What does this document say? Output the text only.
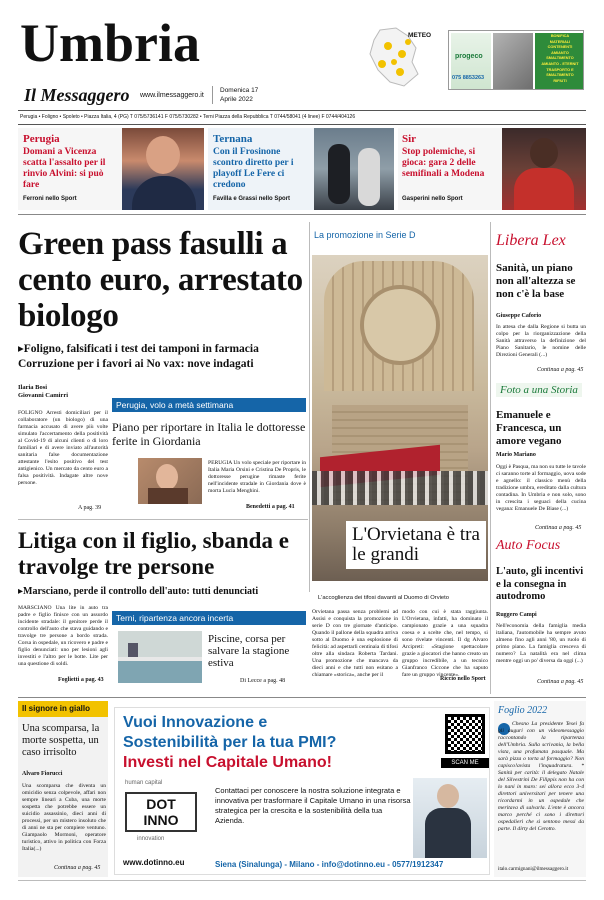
Umbria
Il Messaggero www.ilmessaggero.it
Domenica 17
Aprile 2022
METEO
progeco
075 8853263
BONIFICA
MATERIALI
CONTENENTI
AMIANTO
SMALTIMENTO
AMIANTO - ETERNIT
TRASPORTO E
SMALTIMENTO
RIFIUTI
Perugia • Foligno • Spoleto • Piazza Italia, 4 (PG) T 075/5736141 F 075/5730282 • Terni Piazza della Repubblica T 0744/58041 (4 linee) F 0744/404126
Perugia
Domani a Vicenza scatta l'assalto per il rinvio Alvini: si può fare
Ferroni nello Sport
Ternana
Con il Frosinone scontro diretto per i playoff Le Fere ci credono
Favilla e Grassi nello Sport
Sir
Stop polemiche, si gioca: gara 2 delle semifinali a Modena
Gasperini nello Sport
Green pass fasulli a cento euro, arrestato biologo
▸Foligno, falsificati i test dei tamponi in farmacia
Corruzione per i favori ai No vax: nove indagati
Ilaria Bosi
Giovanni Camirri
FOLIGNO Arresti domiciliari per il collaboratore (un biologo) di una farmacia accusato di avere più volte simulato l'accertamento della positività al Covid-19 di alcuni clienti o di loro familiari e di avere inviato all'autorità sanitaria false documentazione attestante l'esito positivo del test antigienico. Un mercato da cento euro a falsa positività. Indagate altre nove persone.
A pag. 39
Perugia, volo a metà settimana
Piano per riportare in Italia le dottoresse ferite in Giordania
PERUGIA Un volo speciale per riportare in Italia Maria Orsini e Cristina De Propris, le dottoresse perugine rimaste ferite nell'incidente stradale in Giordania dove è morta Lucia Menghini.
Benedetti a pag. 41
La promozione in Serie D
L'Orvietana è tra le grandi
L'accoglienza dei tifosi davanti al Duomo di Orvieto
Orvietana passa senza problemi ad Assisi e conquista la promozione in serie D con tre giornate d'anticipo. Quando il pallone della squadra arriva sotto al Duomo è una esplosione di felicità: ad aspettarli centinaia di tifosi oltre alla sindaca Roberta Tardani. Una promozione che mancava da dieci anni e che tutti non esitano a chiamare «storica», anche per il
modo con cui è stata raggiunta. L'Orvietana, infatti, ha dominato il campionato grazie a una squadra coesa e a scelte che, nel tempo, si sono rivelate vincenti. Il dg Alvaro Arcipreti: «Stagione spettacolare grazie a giocatori che hanno creato un gruppo incredibile, a un tecnico Gianfranco Ciccone che ha saputo fare un gruppo vincente».
Riccio nello Sport
Litiga con il figlio, sbanda e travolge tre persone
▸Marsciano, perde il controllo dell'auto: tutti denunciati
MARSCIANO Una lite in auto tra padre e figlio finisce con un assurdo incidente stradale: il genitore perde il controllo dell'auto che stava guidando e travolge tre persone a bordo strada. Corsa in ospedale, un ricovero e padre e figlio denunciati: uno per lesioni agli investiti e l'altro per le botte. Lite per una questione di soldi.
Foglietti a pag. 43
Terni, ripartenza ancora incerta
Piscine, corsa per salvare la stagione estiva
Di Lecce a pag. 48
Libera Lex
Sanità, un piano non all'altezza se non c'è la base
Giuseppe Caforio
In attesa che dalla Regione si butta un colpo per la riorganizzazione della Sanità attraverso la definizione del Piano Sanitario, le nomine delle Direzioni Generali (...)
Continua a pag. 45
Foto a una Storia
Emanuele e Francesca, un amore vegano
Mario Mariano
Oggi è Pasqua, ma non su tutte le tavole ci saranno torte al formaggio, uova sode e agnello: il classico menù della tradizione umbra, ereditato dalla cultura contadina. In Umbria e non solo, sono in crescita i seguaci della cucina vegana: Emanuele De Biase (...)
Continua a pag. 45
Auto Focus
L'auto, gli incentivi e la consegna in autodromo
Ruggero Campi
Nell'economia della famiglia media italiana, l'automobile ha sempre avuto almeno fino agli anni '80, un ruolo di primo piano. La famiglia cresceva di numero? La natalità era nel clima mentre oggi un po' diversa da oggi (...)
Continua a pag. 45
Il signore in giallo
Una scomparsa, la morte sospetta, un caso irrisolto
Alvaro Fiorucci
Una scomparsa che diventa un omicidio senza colpevole, affari non sempre lineari a Cuba, una morte sospetta che potrebbe essere un suicidio assassinio, dieci anni di processi, per un mistero insoluto che di anni ne sta per compiere ventuno. Giampaolo Mormoni, operatore turistico, attivo in politica con Forza Italia(...)
Continua a pag. 45
Vuoi Innovazione e
Sostenibilità per la tua PMI?
Investi nel Capitale Umano!	SCAN ME
human capital
DOT INNO
innovation
www.dotinno.eu
Contattaci per conoscere la nostra soluzione integrata e innovativa per trasformare il Capitale Umano in una risorsa strategica per la crescita e la sostenibilità della tua Azienda.
Siena (Sinalunga) - Milano - info@dotinno.eu - 0577/1912347
Foglio 2022
Chesno La presidente Tesei fa gli auguri con un videomessaggio raccontando la ripartenza dell'Umbria. Sulla scrivania, la bella vista, una profumata pasquale. Ma sarà pizza o torta al formaggio? Non capisco!avista l'inquadratura. * Sanità per carità: il delegato Natale del Silvestrini De Filippis non ha con lo nani in maro: sei allora ecco 3-4 direttori universitari per tenere una ricordarmi in un ospedale che meritava di salvarla. L'ente è ancora marco perché ci sono i direttori ospedalieri che si sentono messi da parte. Il dirty del Cerotto.
italo.carmignani@ilmessaggero.it
